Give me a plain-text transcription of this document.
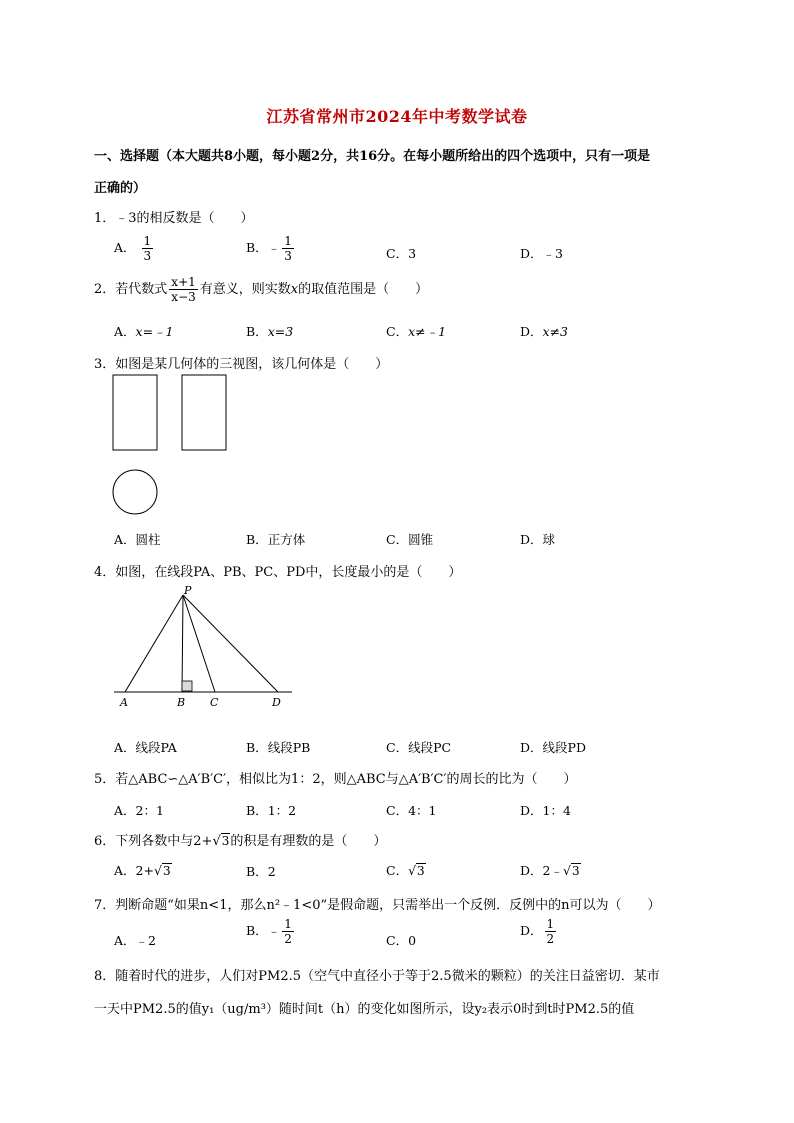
江苏省常州市2024年中考数学试卷
一、选择题（本大题共8小题，每小题2分，共16分。在每小题所给出的四个选项中，只有一项是
正确的）
1．﹣3的相反数是（　　）
A． $\frac{1}{3}$	B．﹣ $\frac{1}{3}$	C．3	D．﹣3
2．若代数式 $\frac{x+1}{x-3}$ 有意义，则实数x的取值范围是（　　）
A．x=﹣1	B．x=3	C．x≠﹣1	D．x≠3
3．如图是某几何体的三视图，该几何体是（　　）
A．圆柱	B．正方体	C．圆锥	D．球
4．如图，在线段PA、PB、PC、PD中，长度最小的是（　　）
P
A	B C	D
A．线段PA	B．线段PB	C．线段PC	D．线段PD
5．若△ABC∽△A′B′C′，相似比为1：2，则△ABC与△A′B′C′的周长的比为（　　）
A．2：1	B．1：2	C．4：1	D．1：4
6．下列各数中与2+√3的积是有理数的是（　　）
A．2+√3	B．2	C．√3	D．2﹣√3
7．判断命题“如果n<1，那么n²﹣1<0”是假命题，只需举出一个反例．反例中的n可以为（　　）
A．﹣2
B．﹣ $\frac{1}{2}$	C．0
D． $\frac{1}{2}$
8．随着时代的进步，人们对PM2.5（空气中直径小于等于2.5微米的颗粒）的关注日益密切．某市
一天中PM2.5的值y₁（ug/m³）随时间t（h）的变化如图所示，设y₂表示0时到t时PM2.5的值
